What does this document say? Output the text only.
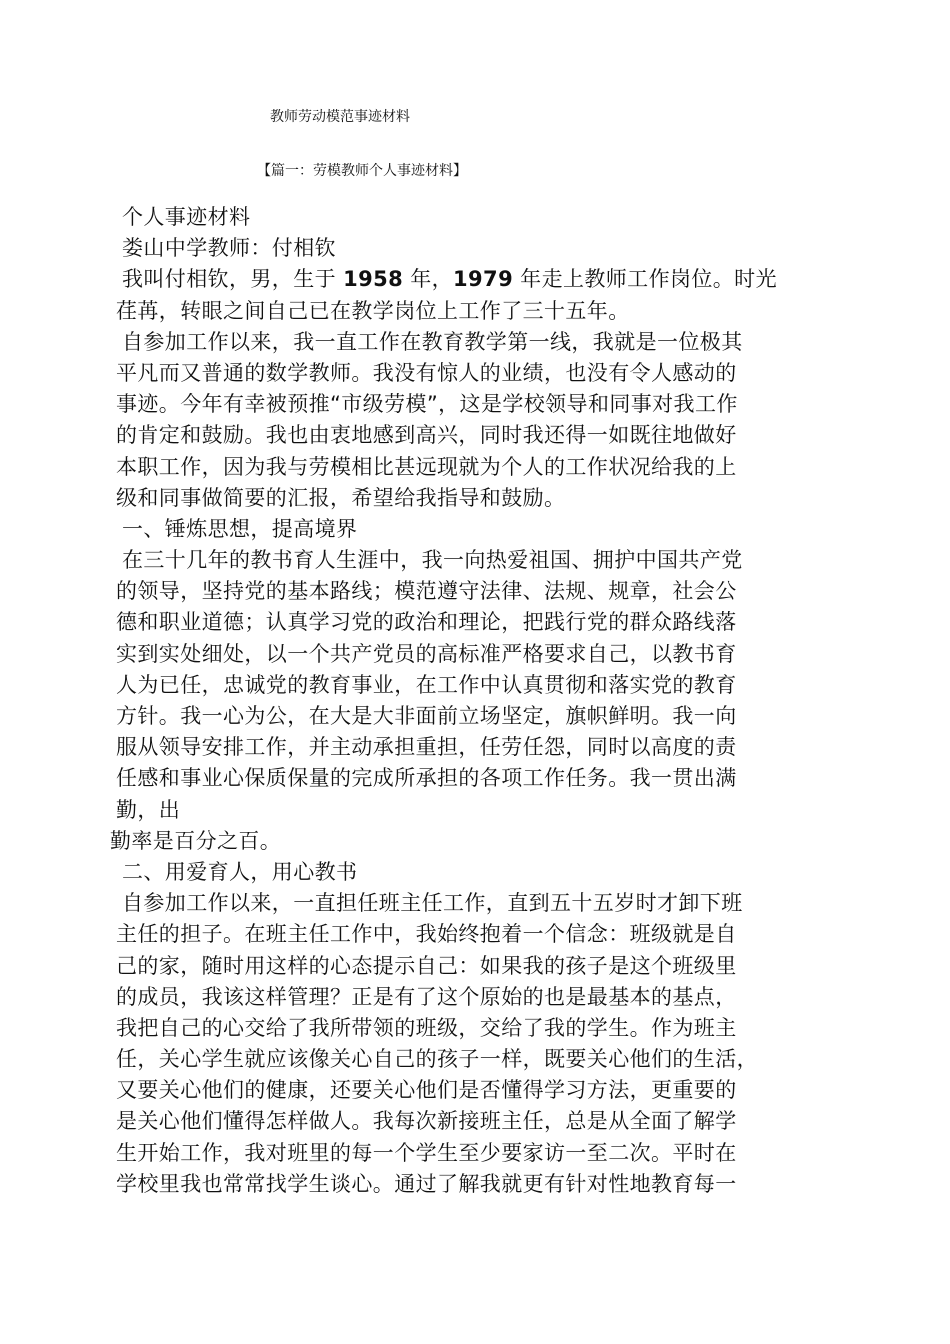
教师劳动模范事迹材料
【篇一：劳模教师个人事迹材料】
个人事迹材料
娄山中学教师：付相钦
我叫付相钦，男，生于 1958 年，1979 年走上教师工作岗位。时光
荏苒，转眼之间自己已在教学岗位上工作了三十五年。
自参加工作以来，我一直工作在教育教学第一线，我就是一位极其
平凡而又普通的数学教师。我没有惊人的业绩，也没有令人感动的
事迹。今年有幸被预推“市级劳模”，这是学校领导和同事对我工作
的肯定和鼓励。我也由衷地感到高兴，同时我还得一如既往地做好
本职工作，因为我与劳模相比甚远现就为个人的工作状况给我的上
级和同事做简要的汇报，希望给我指导和鼓励。
一、锤炼思想，提高境界
在三十几年的教书育人生涯中，我一向热爱祖国、拥护中国共产党
的领导，坚持党的基本路线；模范遵守法律、法规、规章，社会公
德和职业道德；认真学习党的政治和理论，把践行党的群众路线落
实到实处细处，以一个共产党员的高标准严格要求自己，以教书育
人为已任，忠诚党的教育事业，在工作中认真贯彻和落实党的教育
方针。我一心为公，在大是大非面前立场坚定，旗帜鲜明。我一向
服从领导安排工作，并主动承担重担，任劳任怨，同时以高度的责
任感和事业心保质保量的完成所承担的各项工作任务。我一贯出满
勤，出
勤率是百分之百。
二、用爱育人，用心教书
自参加工作以来，一直担任班主任工作，直到五十五岁时才卸下班
主任的担子。在班主任工作中，我始终抱着一个信念：班级就是自
己的家，随时用这样的心态提示自己：如果我的孩子是这个班级里
的成员，我该这样管理？正是有了这个原始的也是最基本的基点，
我把自己的心交给了我所带领的班级，交给了我的学生。作为班主
任，关心学生就应该像关心自己的孩子一样，既要关心他们的生活，
又要关心他们的健康，还要关心他们是否懂得学习方法，更重要的
是关心他们懂得怎样做人。我每次新接班主任，总是从全面了解学
生开始工作，我对班里的每一个学生至少要家访一至二次。平时在
学校里我也常常找学生谈心。通过了解我就更有针对性地教育每一
